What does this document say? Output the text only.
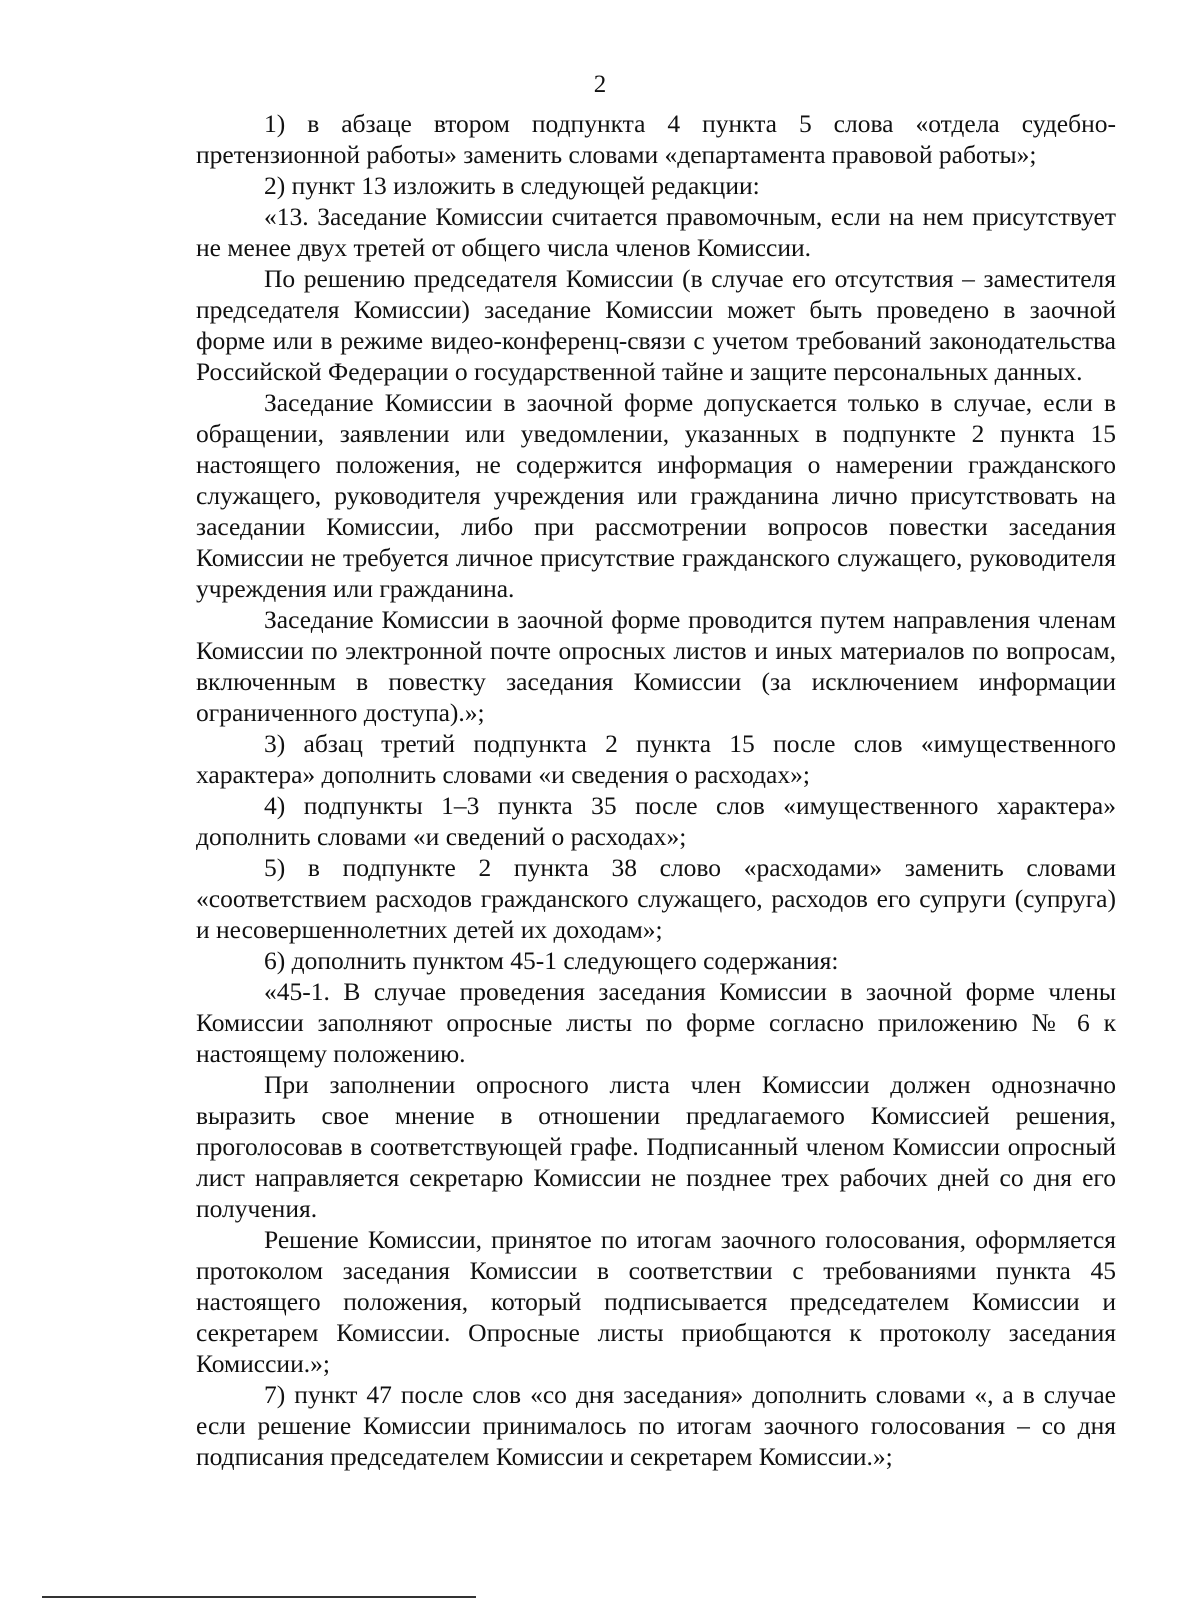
2

1) в абзаце втором подпункта 4 пункта 5 слова «отдела судебно-претензионной работы» заменить словами «департамента правовой работы»;

2) пункт 13 изложить в следующей редакции:

«13. Заседание Комиссии считается правомочным, если на нем присутствует не менее двух третей от общего числа членов Комиссии.

По решению председателя Комиссии (в случае его отсутствия – заместителя председателя Комиссии) заседание Комиссии может быть проведено в заочной форме или в режиме видео-конференц-связи с учетом требований законодательства Российской Федерации о государственной тайне и защите персональных данных.

Заседание Комиссии в заочной форме допускается только в случае, если в обращении, заявлении или уведомлении, указанных в подпункте 2 пункта 15 настоящего положения, не содержится информация о намерении гражданского служащего, руководителя учреждения или гражданина лично присутствовать на заседании Комиссии, либо при рассмотрении вопросов повестки заседания Комиссии не требуется личное присутствие гражданского служащего, руководителя учреждения или гражданина.

Заседание Комиссии в заочной форме проводится путем направления членам Комиссии по электронной почте опросных листов и иных материалов по вопросам, включенным в повестку заседания Комиссии (за исключением информации ограниченного доступа).»;

3) абзац третий подпункта 2 пункта 15 после слов «имущественного характера» дополнить словами «и сведения о расходах»;

4) подпункты 1–3 пункта 35 после слов «имущественного характера» дополнить словами «и сведений о расходах»;

5) в подпункте 2 пункта 38 слово «расходами» заменить словами «соответствием расходов гражданского служащего, расходов его супруги (супруга) и несовершеннолетних детей их доходам»;

6) дополнить пунктом 45-1 следующего содержания:

«45-1. В случае проведения заседания Комиссии в заочной форме члены Комиссии заполняют опросные листы по форме согласно приложению № 6 к настоящему положению.

При заполнении опросного листа член Комиссии должен однозначно выразить свое мнение в отношении предлагаемого Комиссией решения, проголосовав в соответствующей графе. Подписанный членом Комиссии опросный лист направляется секретарю Комиссии не позднее трех рабочих дней со дня его получения.

Решение Комиссии, принятое по итогам заочного голосования, оформляется протоколом заседания Комиссии в соответствии с требованиями пункта 45 настоящего положения, который подписывается председателем Комиссии и секретарем Комиссии. Опросные листы приобщаются к протоколу заседания Комиссии.»;

7) пункт 47 после слов «со дня заседания» дополнить словами «, а в случае если решение Комиссии принималось по итогам заочного голосования – со дня подписания председателем Комиссии и секретарем Комиссии.»;
